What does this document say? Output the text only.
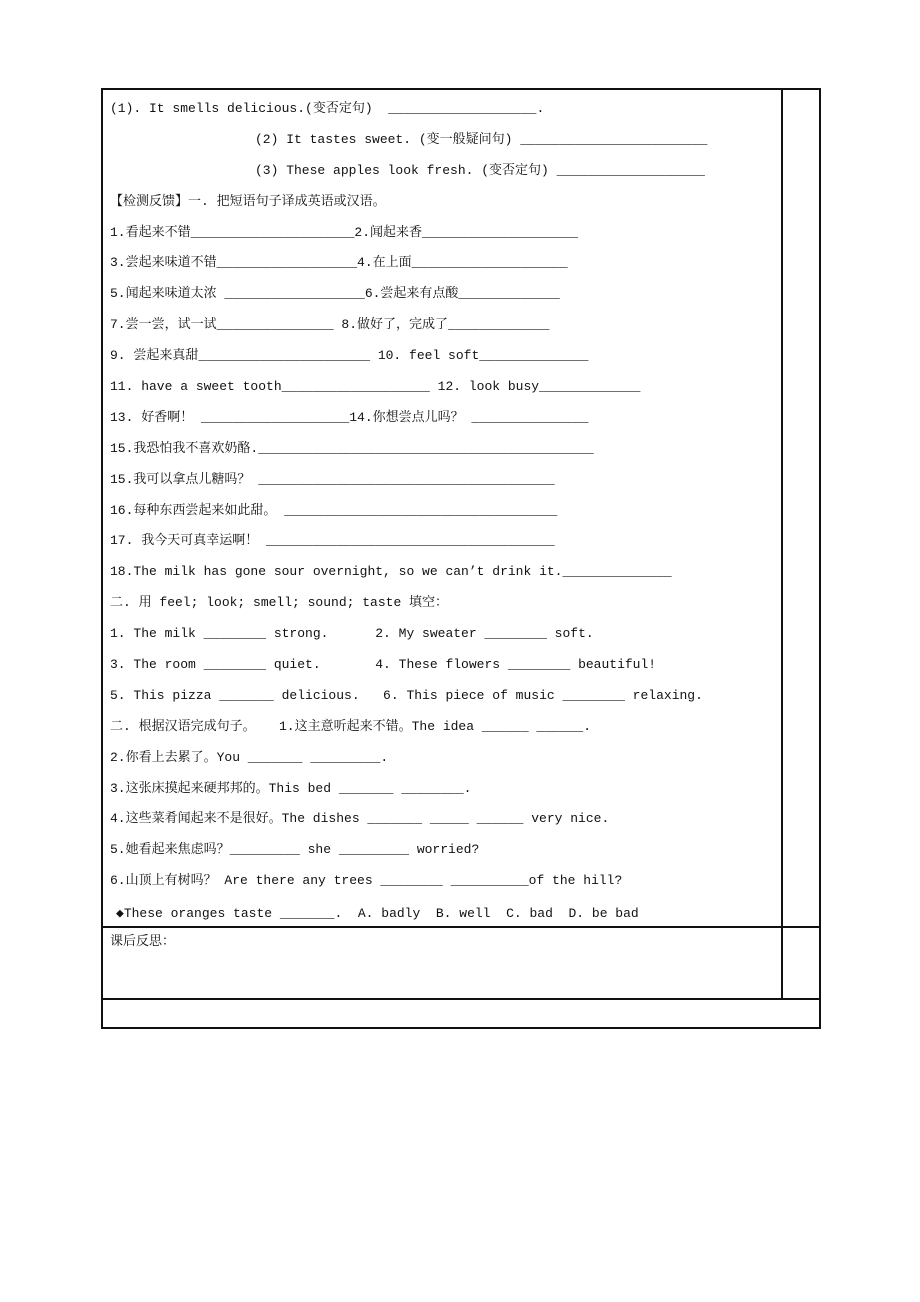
(1). It smells delicious.(变否定句)  ___________________.
(2) It tastes sweet. (变一般疑问句) ________________________
(3) These apples look fresh. (变否定句) ___________________
【检测反馈】一. 把短语句子译成英语或汉语。
1.看起来不错_____________________2.闻起来香____________________
3.尝起来味道不错__________________4.在上面____________________
5.闻起来味道太浓 __________________6.尝起来有点酸_____________
7.尝一尝，试一试_______________ 8.做好了，完成了_____________
9. 尝起来真甜______________________ 10. feel soft______________
11. have a sweet tooth___________________ 12. look busy_____________
13. 好香啊！ ___________________14.你想尝点儿吗？ _______________
15.我恐怕我不喜欢奶酪.___________________________________________
15.我可以拿点儿糖吗？ ______________________________________
16.每种东西尝起来如此甜。 ___________________________________
17. 我今天可真幸运啊！ _____________________________________
18.The milk has gone sour overnight, so we can’t drink it.______________
二. 用 feel; look; smell; sound; taste 填空：
1. The milk ________ strong.      2. My sweater ________ soft.
3. The room ________ quiet.       4. These flowers ________ beautiful!
5. This pizza _______ delicious.   6. This piece of music ________ relaxing.
二. 根据汉语完成句子。   1.这主意听起来不错。The idea ______ ______.
2.你看上去累了。You _______ _________.
3.这张床摸起来硬邦邦的。This bed _______ ________.
4.这些菜肴闻起来不是很好。The dishes _______ _____ ______ very nice.
5.她看起来焦虑吗？_________ she _________ worried?
6.山顶上有树吗？ Are there any trees ________ __________of the hill?
◆These oranges taste _______.  A. badly  B. well  C. bad  D. be bad
课后反思：
